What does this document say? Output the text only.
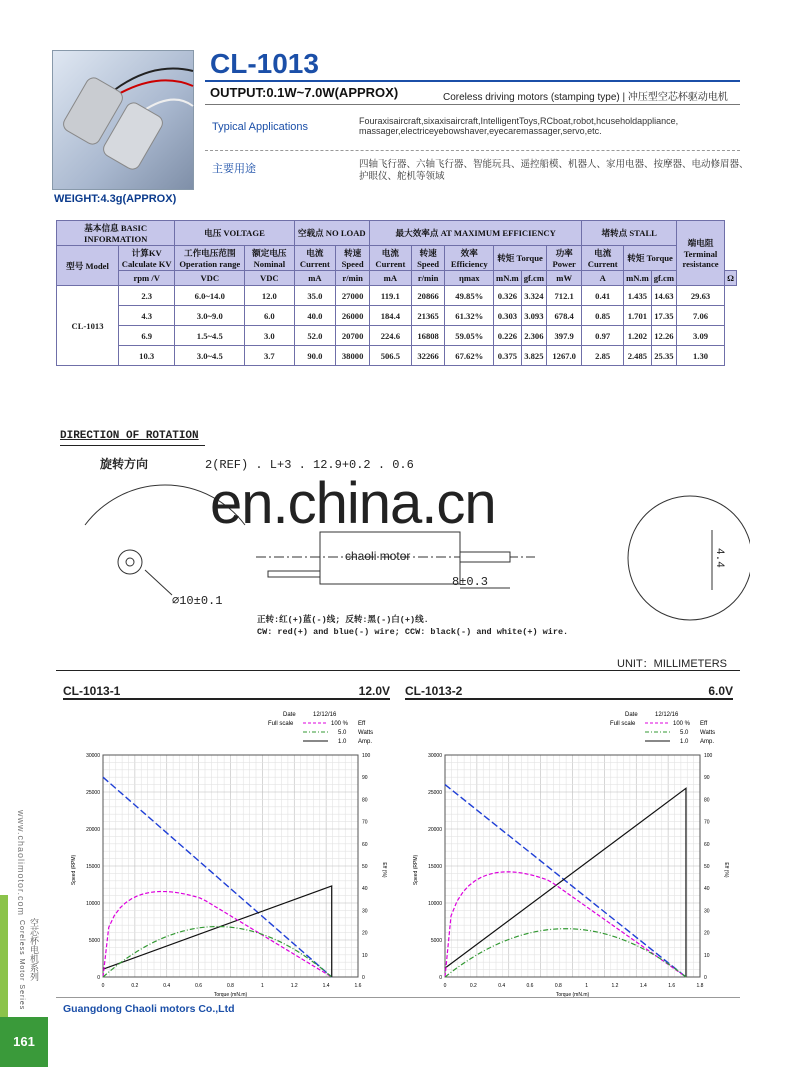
WEIGHT:4.3g(APPROX)
CL-1013
OUTPUT:0.1W~7.0W(APPROX)	Coreless driving motors (stamping type) | 冲压型空芯杯驱动电机
Typical Applications	Fouraxisaircraft,sixaxisaircraft,IntelligentToys,RCboat,robot,hcuseholdappliance, massager,electriceyebowshaver,eyecaremassager,servo,etc.
主要用途	四轴飞行器、六轴飞行器、智能玩具、遥控船模、机器人、家用电器、按摩器、电动修眉器、护眼仪、舵机等领域
基本信息 BASIC INFORMATION		电压 VOLTAGE		空载点 NO LOAD		最大效率点 AT MAXIMUM EFFICIENCY						堵转点 STALL			端电阻 Terminal resistance	
型号 Model	计算KV Calculate KV	工作电压范围 Operation range	额定电压 Nominal	电流 Current	转速 Speed	电流 Current	转速 Speed	效率 Efficiency	转矩 Torque		功率 Power	电流 Current	转矩 Torque			
	rpm /V	VDC	VDC	mA	r/min	mA	r/min	ηmax	mN.m	gf.cm	mW	A	mN.m	gf.cm		Ω
CL-1013	2.3	6.0~14.0	12.0	35.0	27000	119.1	20866	49.85%	0.326	3.324	712.1	0.41	1.435	14.63	29.63	
	4.3	3.0~9.0	6.0	40.0	26000	184.4	21365	61.32%	0.303	3.093	678.4	0.85	1.701	17.35	7.06	
	6.9	1.5~4.5	3.0	52.0	20700	224.6	16808	59.05%	0.226	2.306	397.9	0.97	1.202	12.26	3.09	
	10.3	3.0~4.5	3.7	90.0	38000	506.5	32266	67.62%	0.375	3.825	1267.0	2.85	2.485	25.35	1.30	
DIRECTION OF ROTATION
旋转方向	2(REF) . L+3 . 12.9+0.2 . 0.6
en.china.cn
chaoli motor
⌀10±0.1
8±0.3
4.4
正转:红(+)蓝(-)线; 反转:黑(-)白(+)线.
CW: red(+) and blue(-) wire; CCW: black(-) and white(+) wire.
UNIT：MILLIMETERS
CL-1013-1	12.0V CL-1013-2	6.0V
Date	12/12/16
Full scale	100 % Eff
5.0 Watts
1.0 Amp.
0	0.2	0.4	0.6	0.8	1	1.2	1.4	1.6
0
5000
10000
15000
20000
25000
30000
0
10
20
30
40
50
60
70
80
90
100
Torque (mN.m)
Speed (RPM)	Eff (%)
Date	12/12/16
Full scale	100 % Eff
5.0 Watts
1.0 Amp.
0	0.2	0.4	0.6	0.8	1	1.2	1.4	1.6	1.8
0
5000
10000
15000
20000
25000
30000
0
10
20
30
40
50
60
70
80
90
100
Torque (mN.m)
Speed (RPM)	Eff (%)
www.chaolimotor.com
空芯杯电机系列
Coreless Motor Series	Guangdong Chaoli motors Co.,Ltd
161
